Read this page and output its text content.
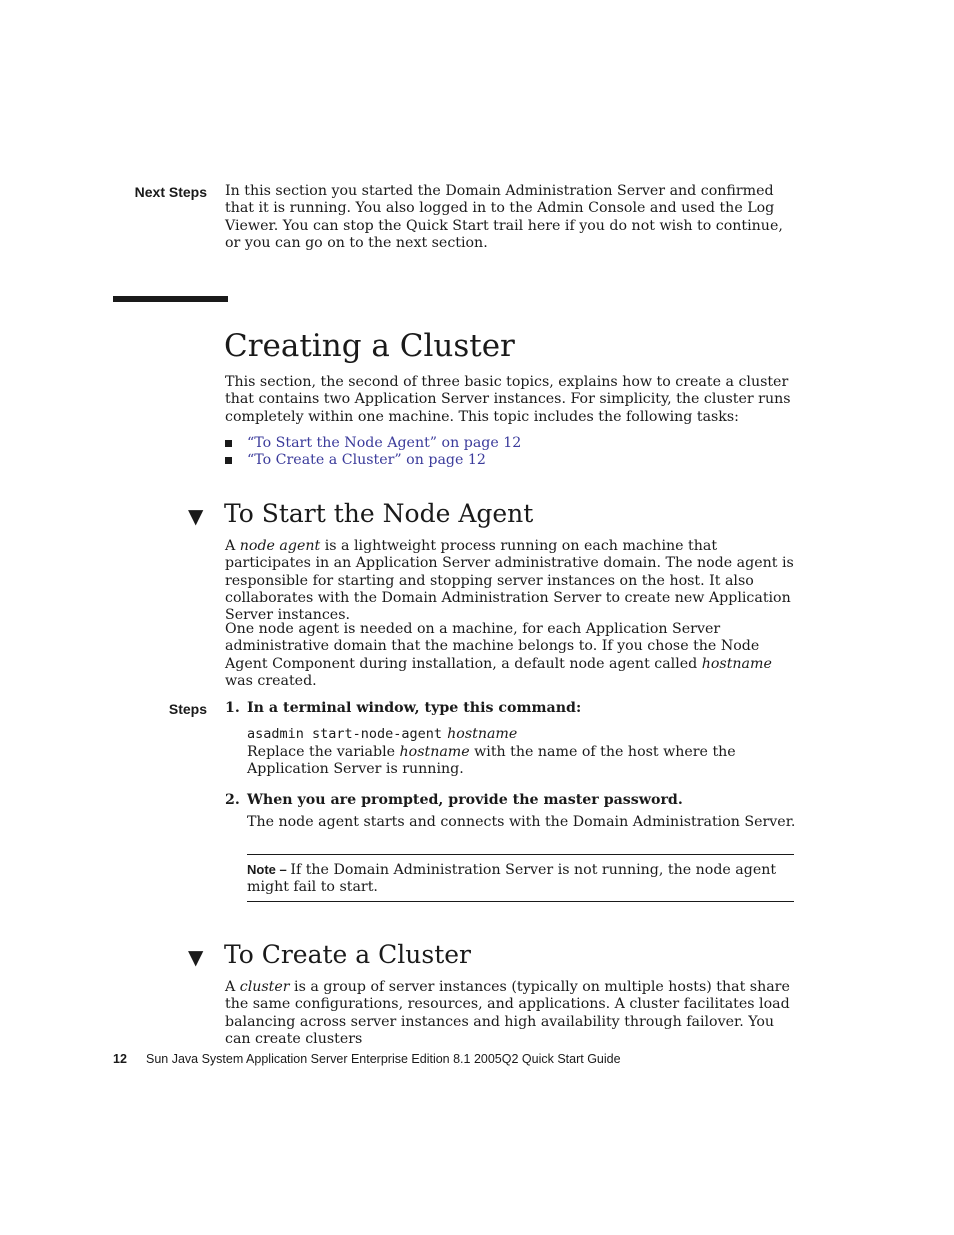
Next Steps In this section you started the Domain Administration Server and confirmed that it is running. You also logged in to the Admin Console and used the Log Viewer. You can stop the Quick Start trail here if you do not wish to continue, or you can go on to the next section.

Creating a Cluster

This section, the second of three basic topics, explains how to create a cluster that contains two Application Server instances. For simplicity, the cluster runs completely within one machine. This topic includes the following tasks:

“To Start the Node Agent” on page 12
“To Create a Cluster” on page 12
▼ To Start the Node Agent

A node agent is a lightweight process running on each machine that participates in an Application Server administrative domain. The node agent is responsible for starting and stopping server instances on the host. It also collaborates with the Domain Administration Server to create new Application Server instances.

One node agent is needed on a machine, for each Application Server administrative domain that the machine belongs to. If you chose the Node Agent Component during installation, a default node agent called hostname was created.

Steps 1. In a terminal window, type this command:
asadmin start-node-agent hostname

Replace the variable hostname with the name of the host where the Application Server is running.

2. When you are prompted, provide the master password.

The node agent starts and connects with the Domain Administration Server.

Note – If the Domain Administration Server is not running, the node agent might fail to start.

▼ To Create a Cluster

A cluster is a group of server instances (typically on multiple hosts) that share the same configurations, resources, and applications. A cluster facilitates load balancing across server instances and high availability through failover. You can create clusters

12 Sun Java System Application Server Enterprise Edition 8.1 2005Q2 Quick Start Guide
